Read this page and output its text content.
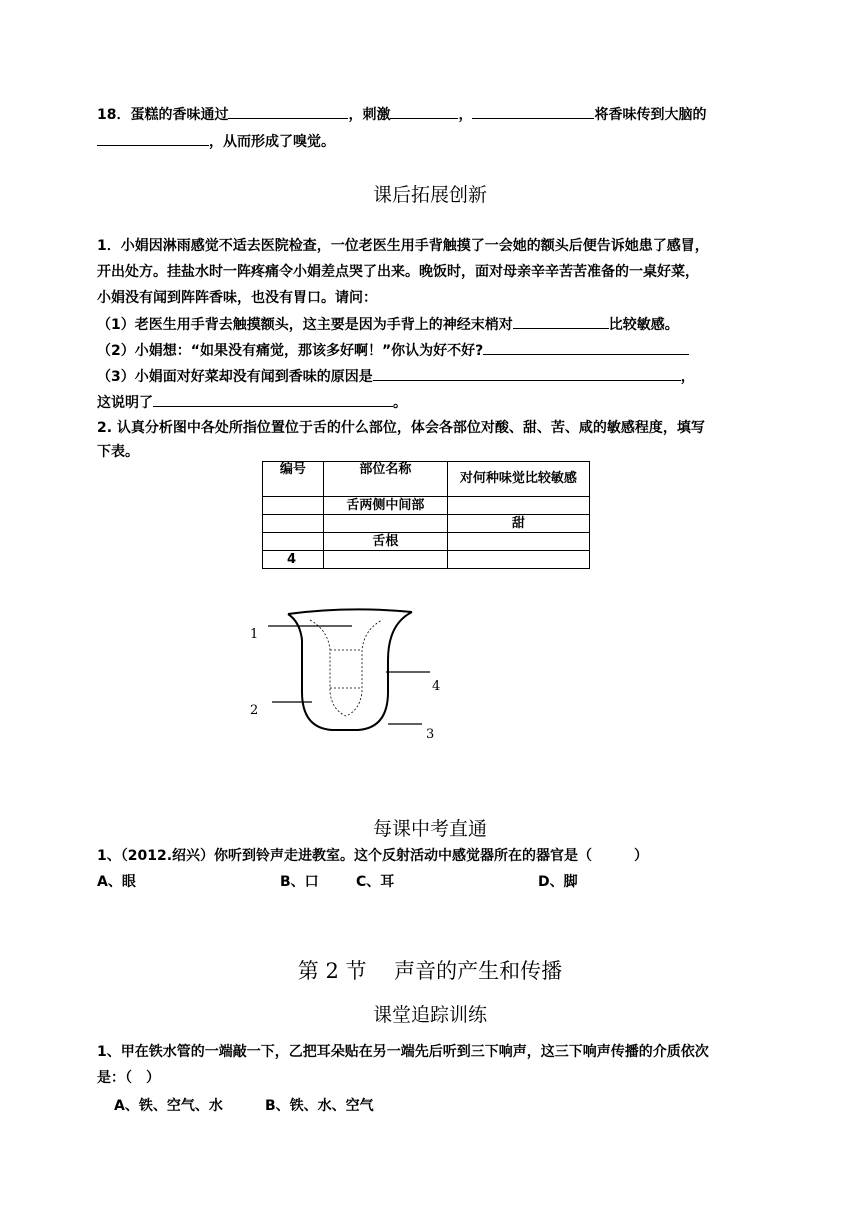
18．蛋糕的香味通过	，刺激	，	将香味传到大脑的
，从而形成了嗅觉。
课后拓展创新
1．小娟因淋雨感觉不适去医院检查，一位老医生用手背触摸了一会她的额头后便告诉她患了感冒，
开出处方。挂盐水时一阵疼痛令小娟差点哭了出来。晚饭时，面对母亲辛辛苦苦准备的一桌好菜，
小娟没有闻到阵阵香味，也没有胃口。请问：
（1）老医生用手背去触摸额头，这主要是因为手背上的神经末梢对	比较敏感。
（2）小娟想：“如果没有痛觉，那该多好啊！”你认为好不好?
（3）小娟面对好菜却没有闻到香味的原因是	，
这说明了	。
2. 认真分析图中各处所指位置位于舌的什么部位，体会各部位对酸、甜、苦、咸的敏感程度，填写
下表。
编号	部位名称	对何种味觉比较敏感
	舌两侧中间部	
		甜
	舌根	
4		
1
2
3
4
每课中考直通
1、（2012.绍兴）你听到铃声走进教室。这个反射活动中感觉器所在的器官是（　　　）
A、眼	B、口	C、耳	D、脚
第 2 节　 声音的产生和传播
课堂追踪训练
1、甲在铁水管的一端敲一下，乙把耳朵贴在另一端先后听到三下响声，这三下响声传播的介质依次
是：（　）
A、铁、空气、水	B、铁、水、空气
